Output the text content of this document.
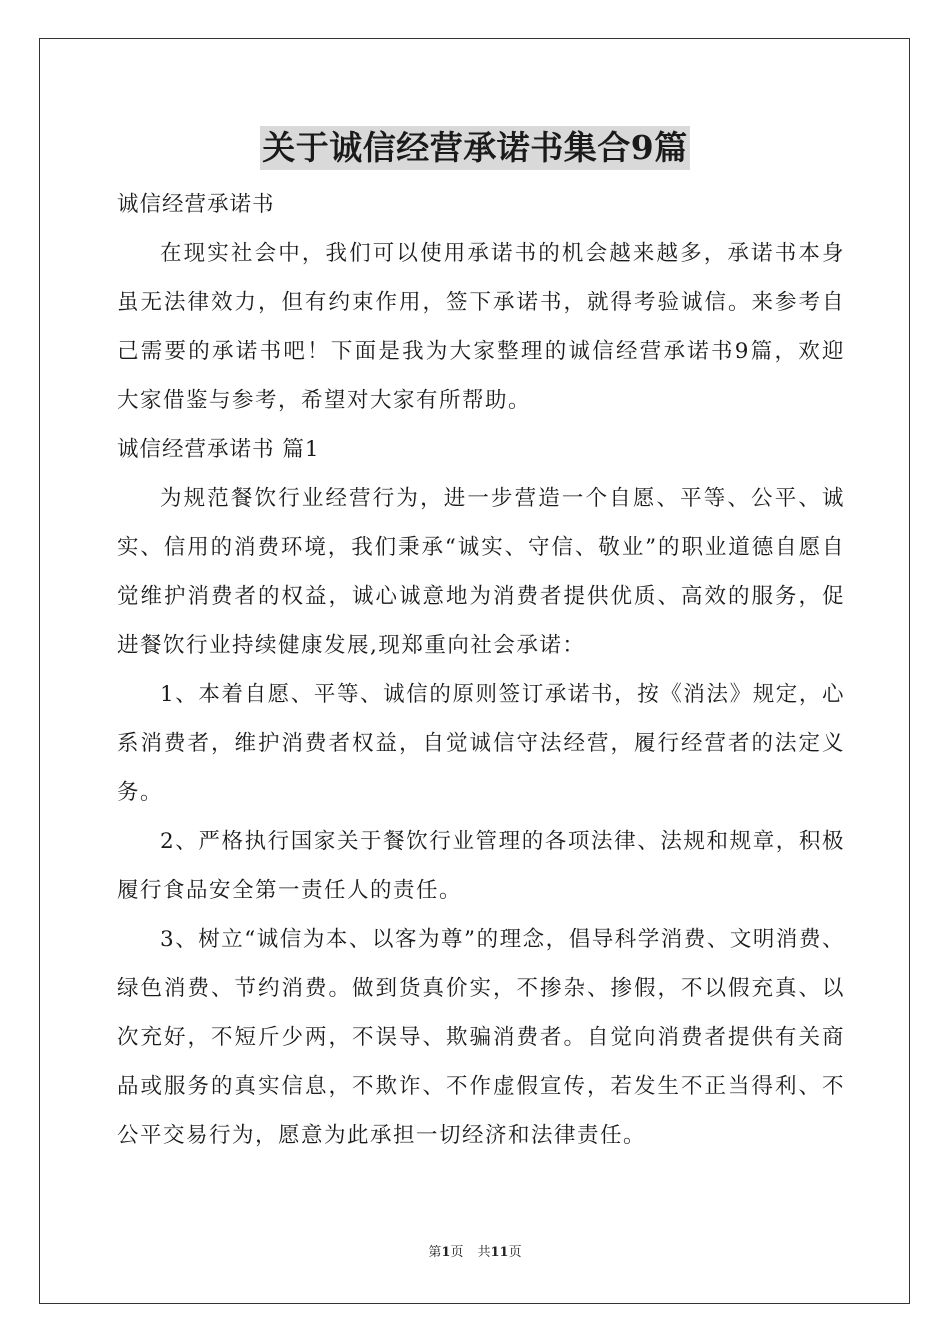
关于诚信经营承诺书集合9篇

诚信经营承诺书

在现实社会中，我们可以使用承诺书的机会越来越多，承诺书本身虽无法律效力，但有约束作用，签下承诺书，就得考验诚信。来参考自己需要的承诺书吧！下面是我为大家整理的诚信经营承诺书9篇，欢迎大家借鉴与参考，希望对大家有所帮助。

诚信经营承诺书 篇1

为规范餐饮行业经营行为，进一步营造一个自愿、平等、公平、诚实、信用的消费环境，我们秉承“诚实、守信、敬业”的职业道德自愿自觉维护消费者的权益，诚心诚意地为消费者提供优质、高效的服务，促进餐饮行业持续健康发展,现郑重向社会承诺：

1、本着自愿、平等、诚信的原则签订承诺书，按《消法》规定，心系消费者，维护消费者权益，自觉诚信守法经营，履行经营者的法定义务。

2、严格执行国家关于餐饮行业管理的各项法律、法规和规章，积极履行食品安全第一责任人的责任。

3、树立“诚信为本、以客为尊”的理念，倡导科学消费、文明消费、绿色消费、节约消费。做到货真价实，不掺杂、掺假，不以假充真、以次充好，不短斤少两，不误导、欺骗消费者。自觉向消费者提供有关商品或服务的真实信息，不欺诈、不作虚假宣传，若发生不正当得利、不公平交易行为，愿意为此承担一切经济和法律责任。

第1页 共11页
